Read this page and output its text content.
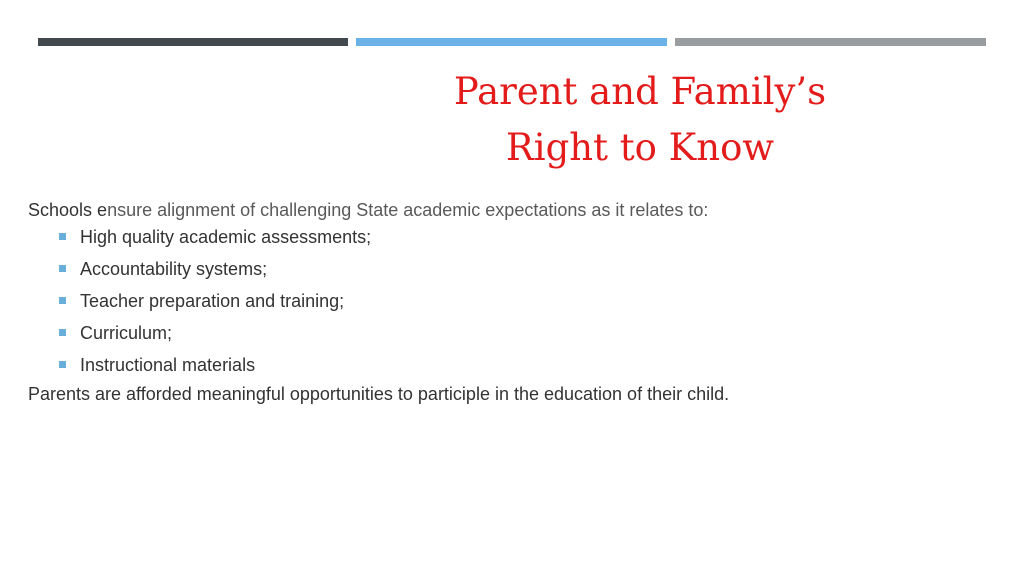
Parent and Family’s
Right to Know

Schools ensure alignment of challenging State academic expectations as it relates to:

High quality academic assessments;
Accountability systems;
Teacher preparation and training;
Curriculum;
Instructional materials

Parents are afforded meaningful opportunities to participle in the education of their child.
